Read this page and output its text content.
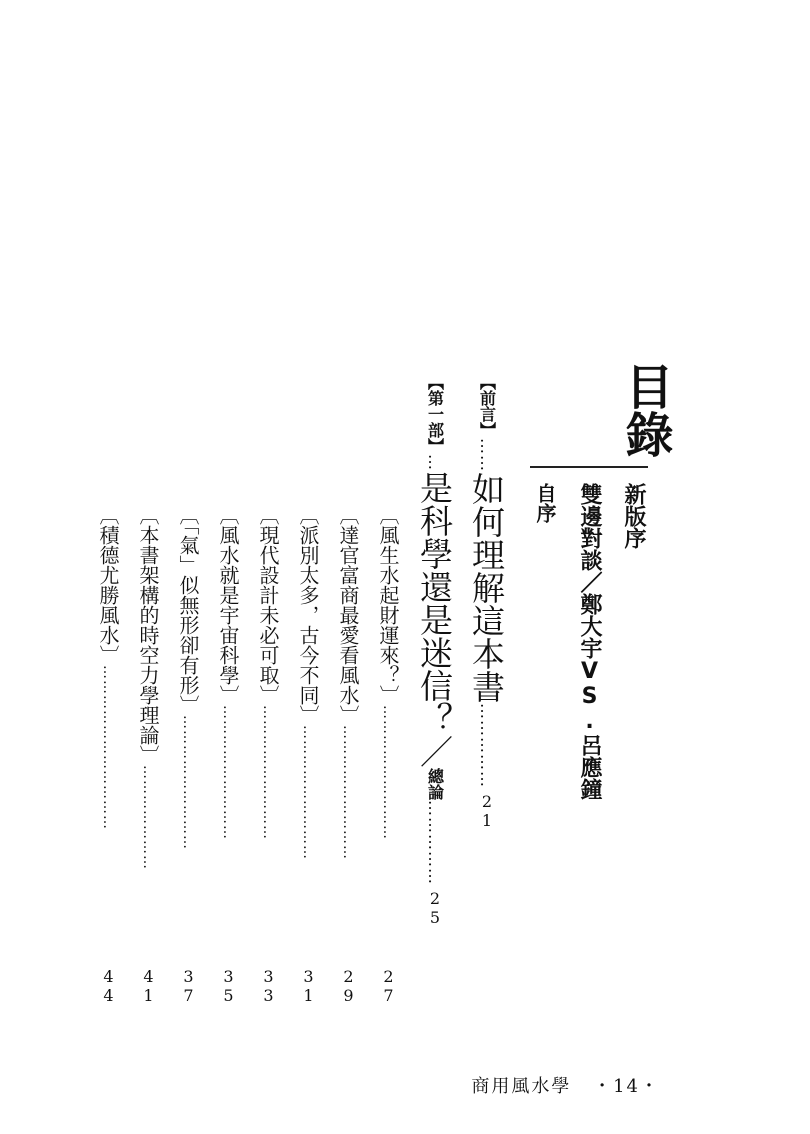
目錄
新版序
雙邊對談／鄭大宇VS.呂應鐘
自序
【前言】
……
如何理解這本書
……………
21
【第一部】
…
是科學還是迷信？／
總論
……………
25
〔風生水起財運來？〕
………………………
27
〔達官富商最愛看風水〕
………………………
29
〔派別太多，古今不同〕
………………………
31
〔現代設計未必可取〕
………………………
33
〔風水就是宇宙科學〕
………………………
35
〔「氣」似無形卻有形〕
………………………
37
〔本書架構的時空力學理論〕
…………………
41
〔積德尤勝風水〕
……………………………
44
商用風水學 ・14・
